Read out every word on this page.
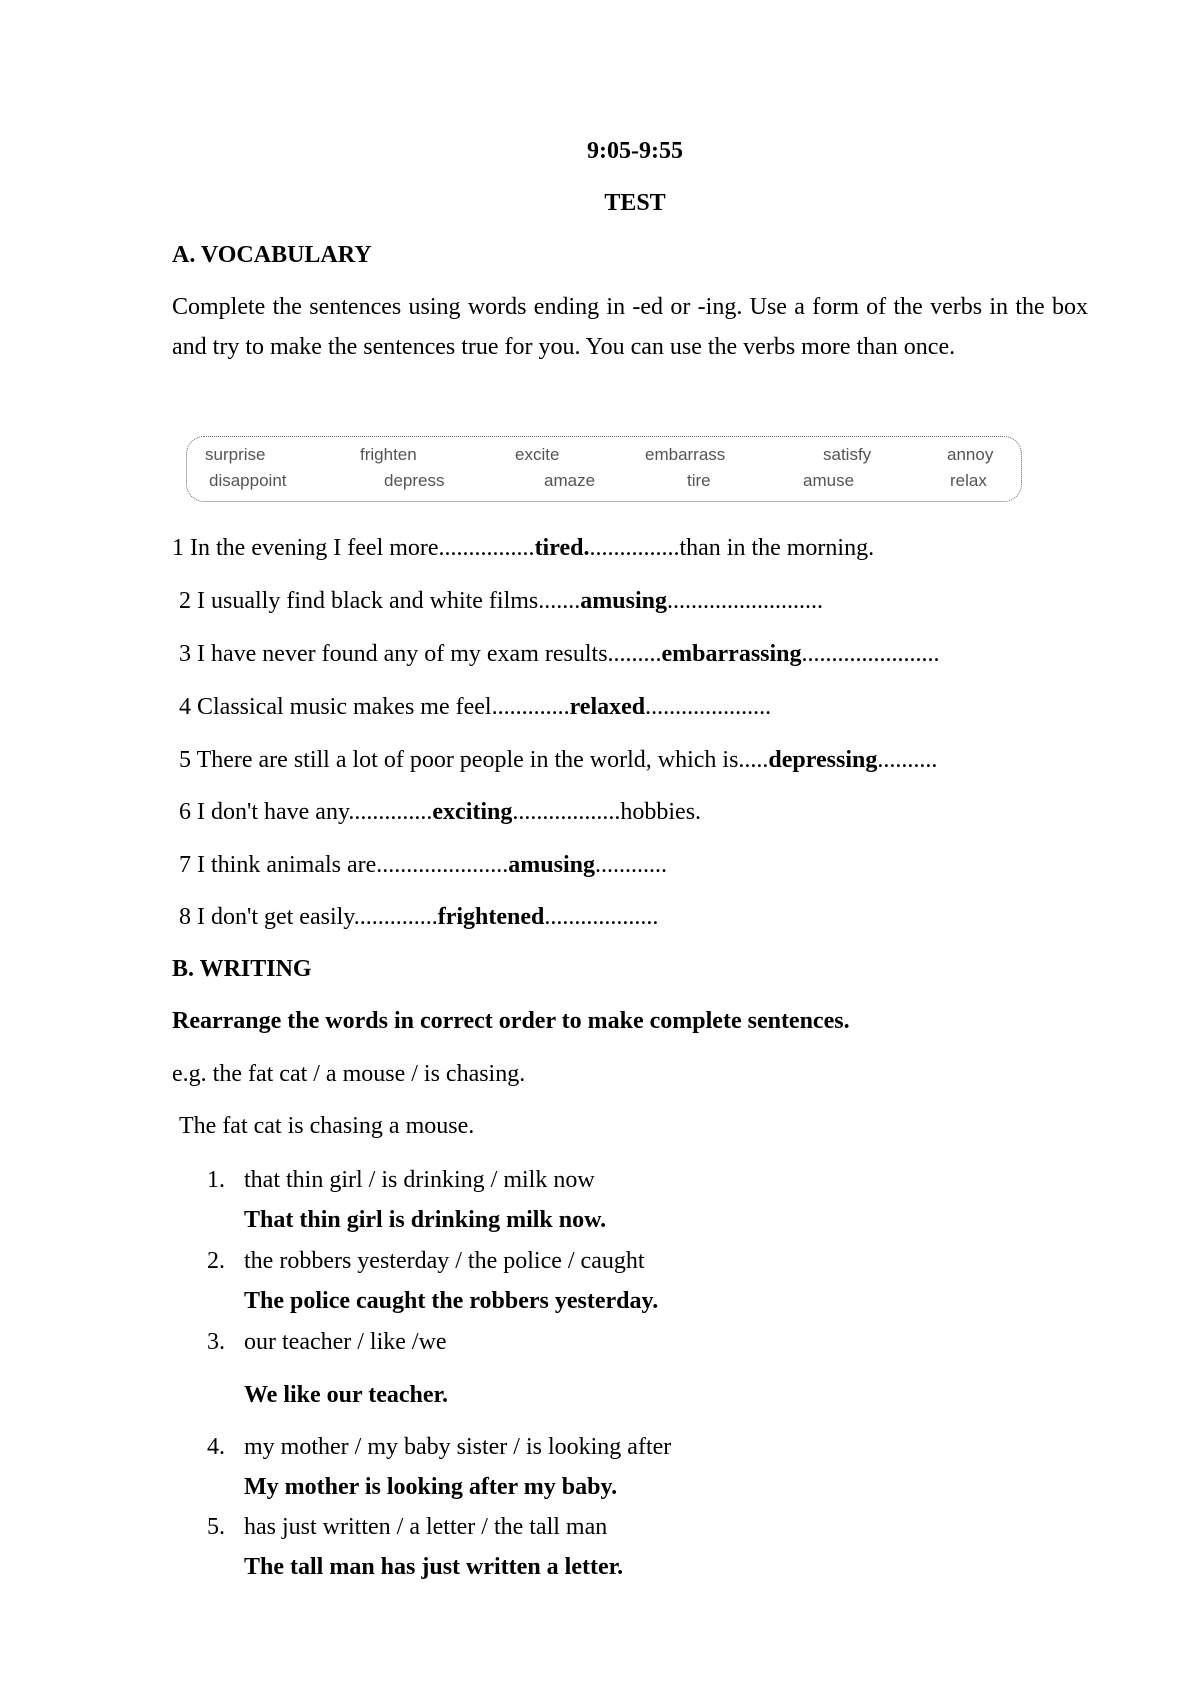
9:05-9:55
TEST
A. VOCABULARY
Complete the sentences using words ending in -ed or -ing. Use a form of the verbs in the box and try to make the sentences true for you. You can use the verbs more than once.
surprise	frighten	excite	embarrass	satisfy	annoy
disappoint	depress	amaze	tire	amuse	relax
1 In the evening I feel more................tired................than in the morning.
2 I usually find black and white films.......amusing..........................
3 I have never found any of my exam results.........embarrassing.......................
4 Classical music makes me feel.............relaxed.....................
5 There are still a lot of poor people in the world, which is.....depressing..........
6 I don't have any..............exciting..................hobbies.
7 I think animals are......................amusing............
8 I don't get easily..............frightened...................
B. WRITING
Rearrange the words in correct order to make complete sentences.
e.g. the fat cat / a mouse / is chasing.
The fat cat is chasing a mouse.
1. that thin girl / is drinking / milk now
That thin girl is drinking milk now.
2. the robbers yesterday / the police / caught
The police caught the robbers yesterday.
3. our teacher / like /we
We like our teacher.
4. my mother / my baby sister / is looking after
My mother is looking after my baby.
5. has just written / a letter / the tall man
The tall man has just written a letter.
